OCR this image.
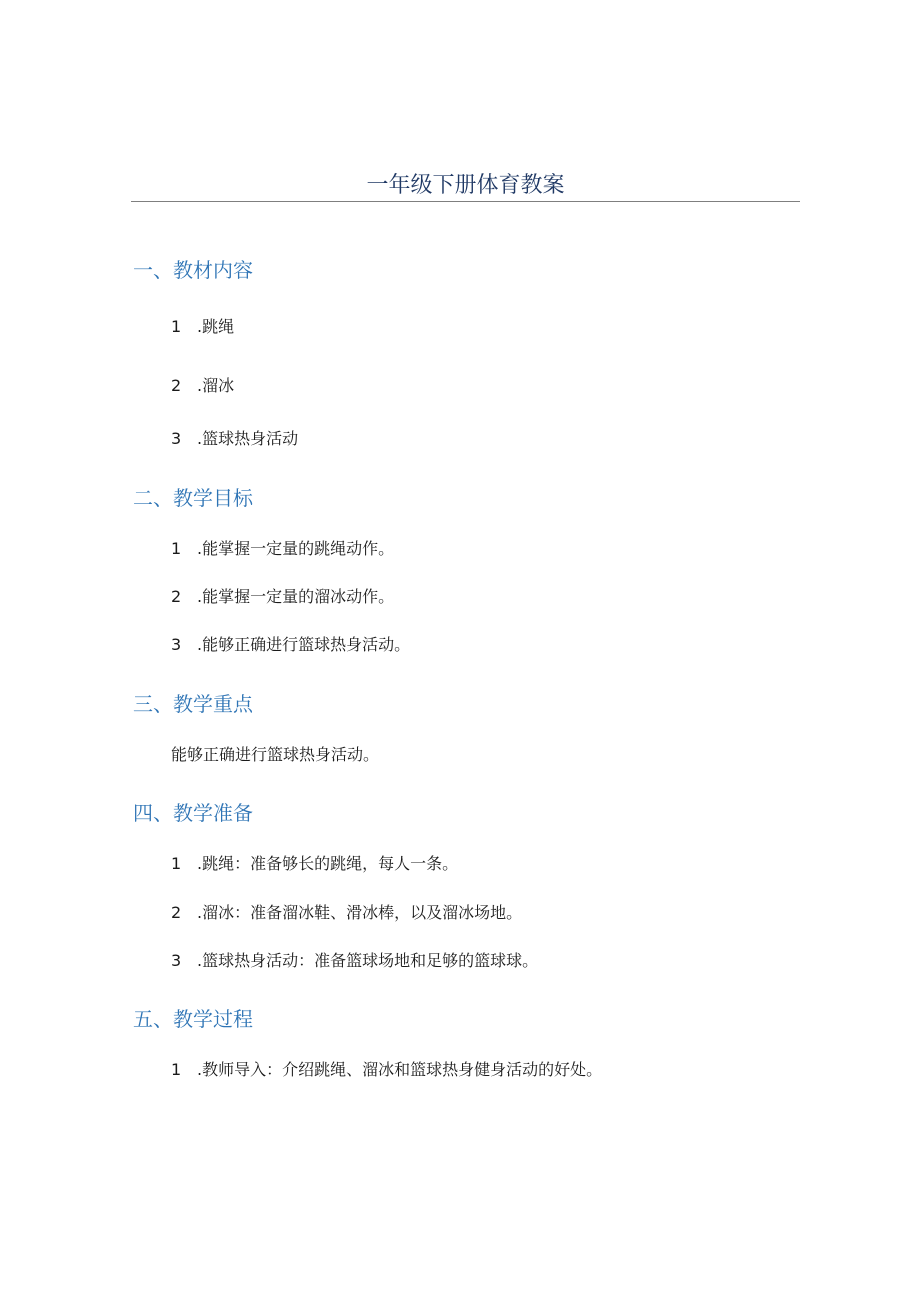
一年级下册体育教案
一、教材内容
1 .跳绳
2 .溜冰
3 .篮球热身活动
二、教学目标
1 .能掌握一定量的跳绳动作。
2 .能掌握一定量的溜冰动作。
3 .能够正确进行篮球热身活动。
三、教学重点
能够正确进行篮球热身活动。
四、教学准备
1 .跳绳：准备够长的跳绳，每人一条。
2 .溜冰：准备溜冰鞋、滑冰棒，以及溜冰场地。
3 .篮球热身活动：准备篮球场地和足够的篮球球。
五、教学过程
1 .教师导入：介绍跳绳、溜冰和篮球热身健身活动的好处。
